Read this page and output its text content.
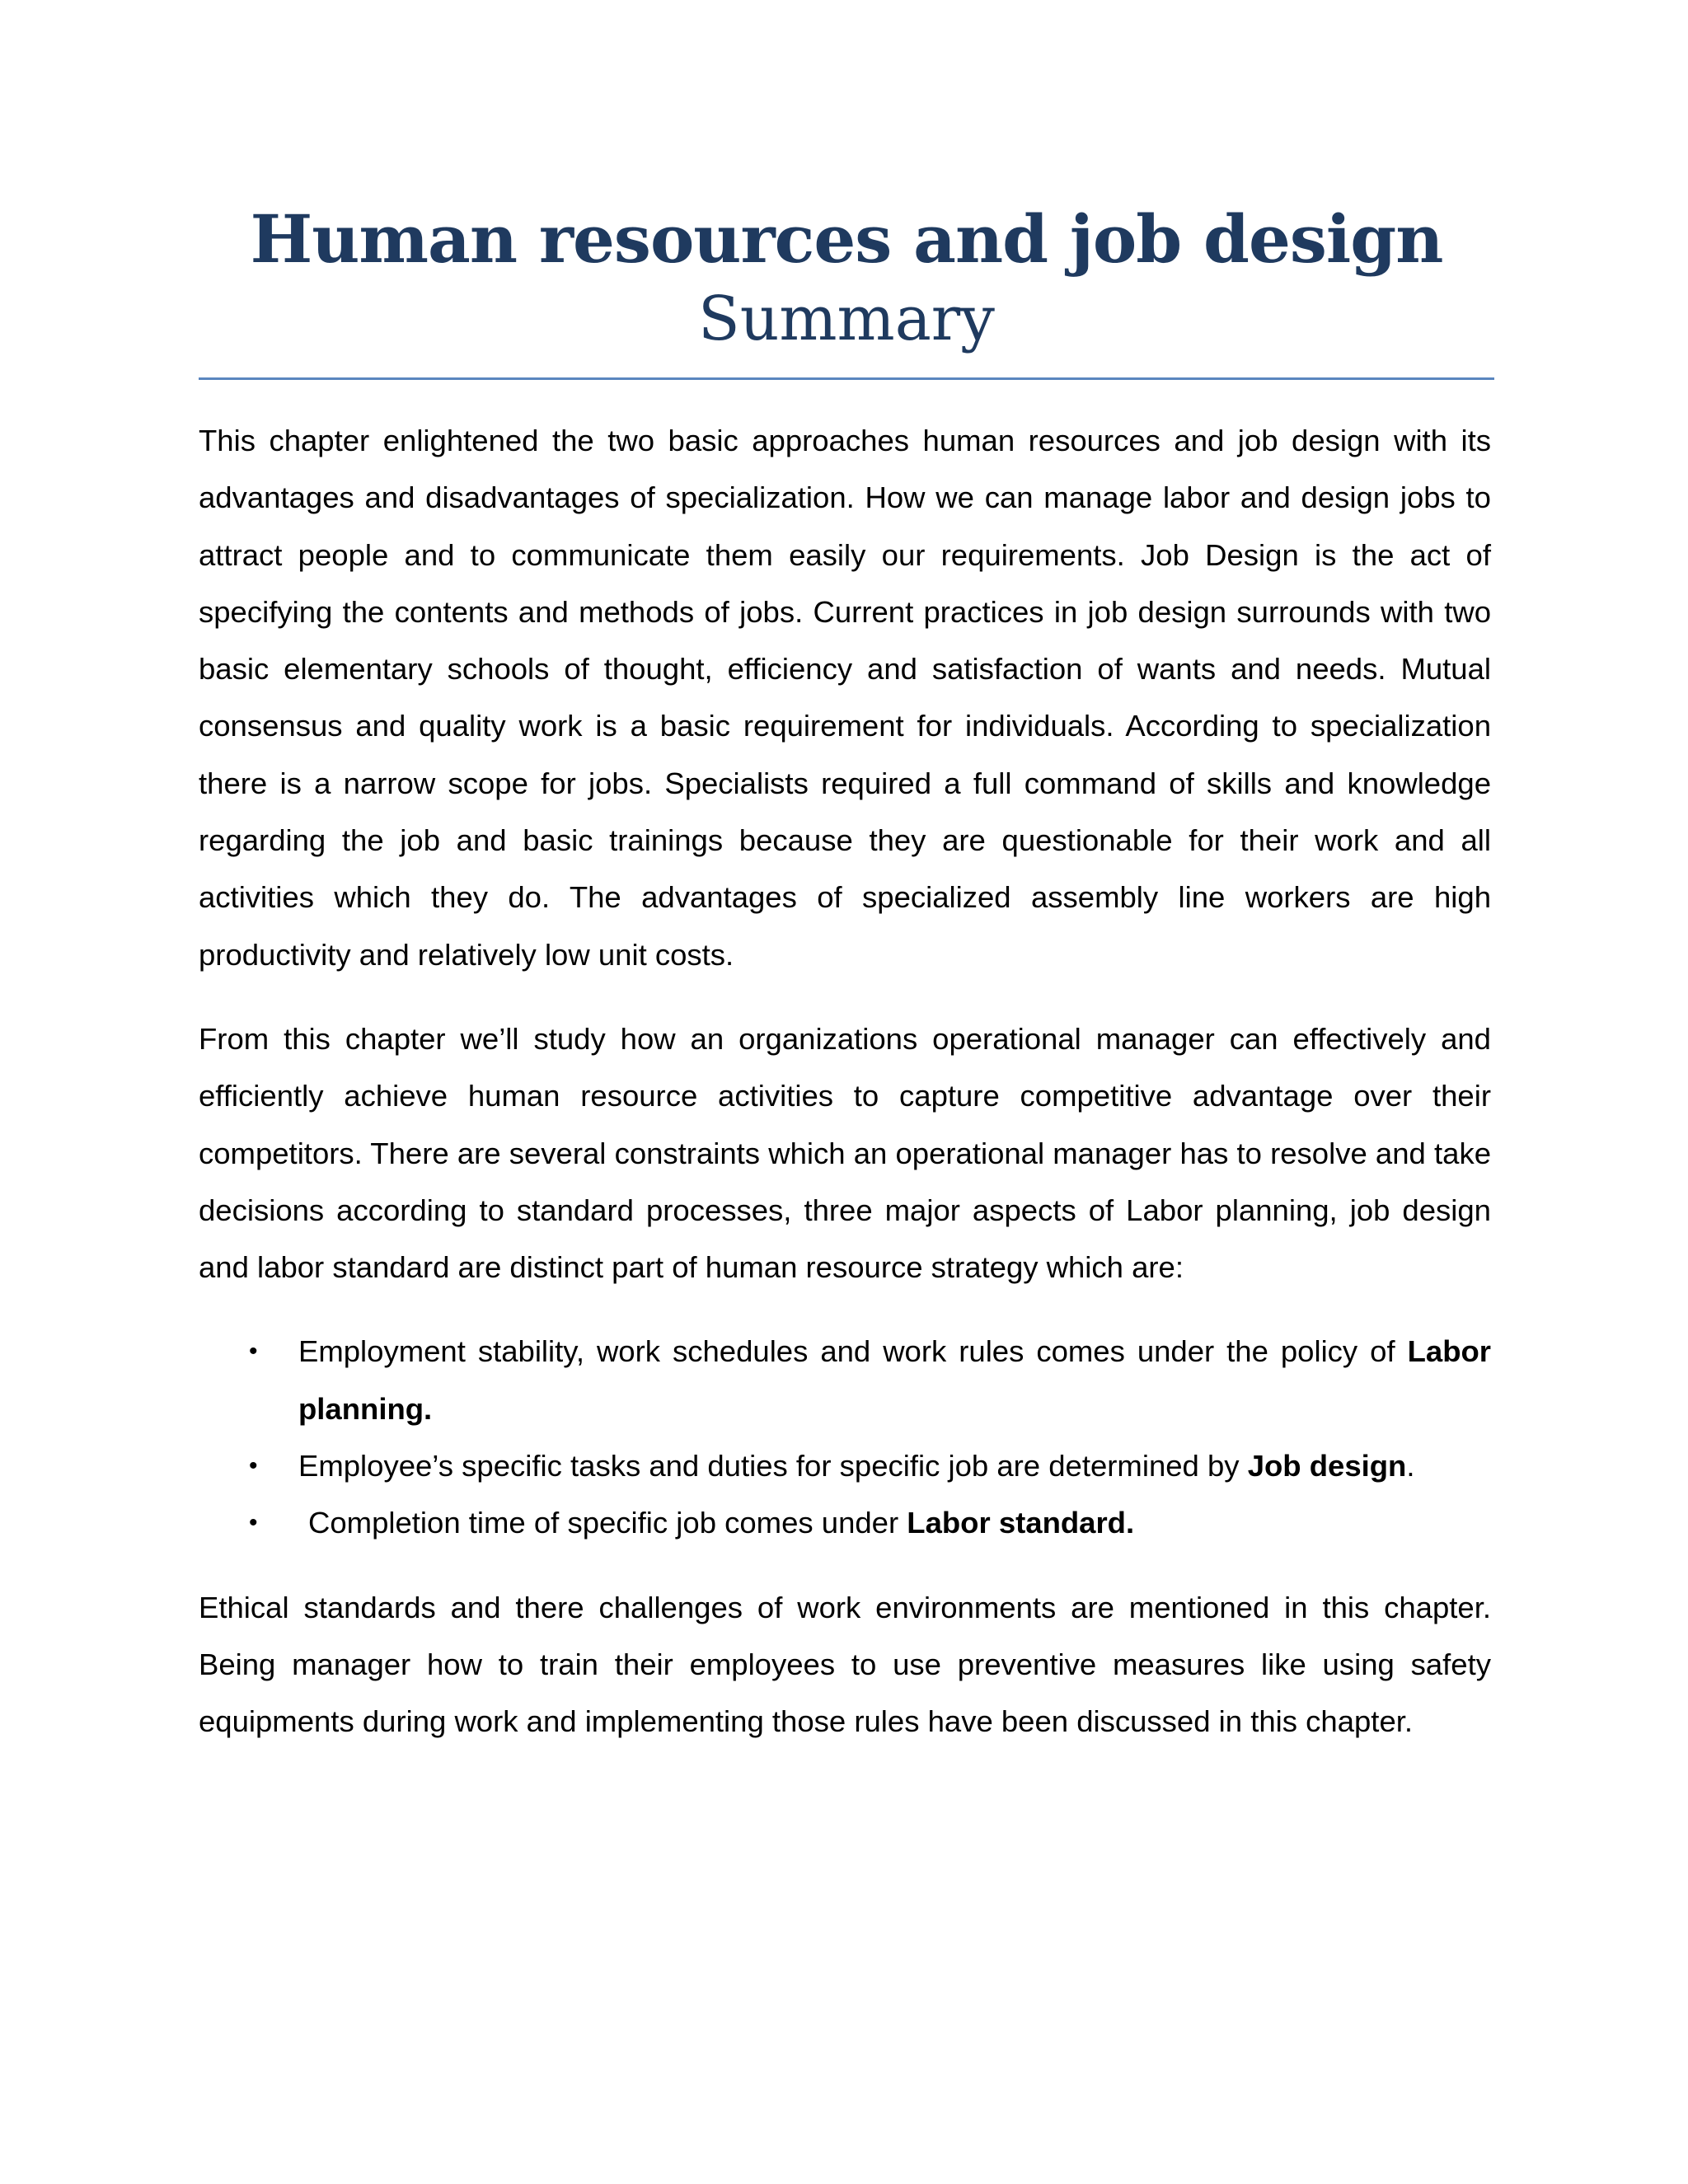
Human resources and job design
Summary

This chapter enlightened the two basic approaches human resources and job design with its advantages and disadvantages of specialization. How we can manage labor and design jobs to attract people and to communicate them easily our requirements. Job Design is the act of specifying the contents and methods of jobs. Current practices in job design surrounds with two basic elementary schools of thought, efficiency and satisfaction of wants and needs. Mutual consensus and quality work is a basic requirement for individuals. According to specialization there is a narrow scope for jobs. Specialists required a full command of skills and knowledge regarding the job and basic trainings because they are questionable for their work and all activities which they do. The advantages of specialized assembly line workers are high productivity and relatively low unit costs.

From this chapter we’ll study how an organizations operational manager can effectively and efficiently achieve human resource activities to capture competitive advantage over their competitors. There are several constraints which an operational manager has to resolve and take decisions according to standard processes, three major aspects of Labor planning, job design and labor standard are distinct part of human resource strategy which are:

• Employment stability, work schedules and work rules comes under the policy of Labor planning.
• Employee’s specific tasks and duties for specific job are determined by Job design.
• Completion time of specific job comes under Labor standard.

Ethical standards and there challenges of work environments are mentioned in this chapter. Being manager how to train their employees to use preventive measures like using safety equipments during work and implementing those rules have been discussed in this chapter.
